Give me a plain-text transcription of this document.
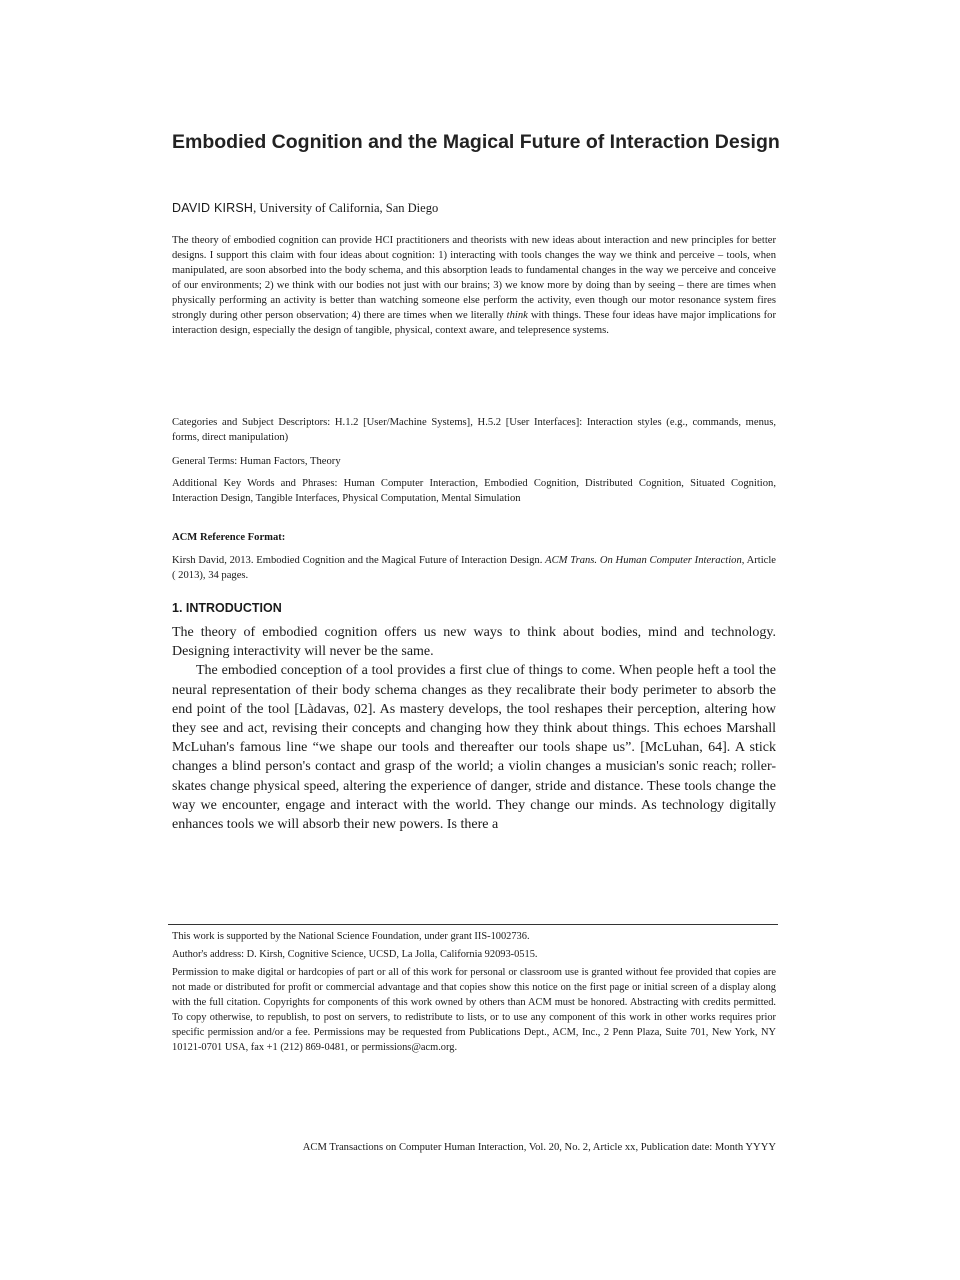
Embodied Cognition and the Magical Future of Interaction Design
DAVID KIRSH, University of California, San Diego
The theory of embodied cognition can provide HCI practitioners and theorists with new ideas about interaction and new principles for better designs. I support this claim with four ideas about cognition: 1) interacting with tools changes the way we think and perceive – tools, when manipulated, are soon absorbed into the body schema, and this absorption leads to fundamental changes in the way we perceive and conceive of our environments; 2) we think with our bodies not just with our brains; 3) we know more by doing than by seeing – there are times when physically performing an activity is better than watching someone else perform the activity, even though our motor resonance system fires strongly during other person observation; 4) there are times when we literally think with things. These four ideas have major implications for interaction design, especially the design of tangible, physical, context aware, and telepresence systems.
Categories and Subject Descriptors: H.1.2 [User/Machine Systems], H.5.2 [User Interfaces]: Interaction styles (e.g., commands, menus, forms, direct manipulation)
General Terms: Human Factors, Theory
Additional Key Words and Phrases: Human Computer Interaction, Embodied Cognition, Distributed Cognition, Situated Cognition, Interaction Design, Tangible Interfaces, Physical Computation, Mental Simulation
ACM Reference Format:
Kirsh David, 2013. Embodied Cognition and the Magical Future of Interaction Design. ACM Trans. On Human Computer Interaction, Article ( 2013), 34 pages.
1. INTRODUCTION

The theory of embodied cognition offers us new ways to think about bodies, mind and technology. Designing interactivity will never be the same.

The embodied conception of a tool provides a first clue of things to come. When people heft a tool the neural representation of their body schema changes as they recalibrate their body perimeter to absorb the end point of the tool [Làdavas, 02]. As mastery develops, the tool reshapes their perception, altering how they see and act, revising their concepts and changing how they think about things. This echoes Marshall McLuhan's famous line “we shape our tools and thereafter our tools shape us”. [McLuhan, 64]. A stick changes a blind person's contact and grasp of the world; a violin changes a musician's sonic reach; roller-skates change physical speed, altering the experience of danger, stride and distance. These tools change the way we encounter, engage and interact with the world. They change our minds. As technology digitally enhances tools we will absorb their new powers. Is there a

This work is supported by the National Science Foundation, under grant IIS-1002736.
Author's address: D. Kirsh, Cognitive Science, UCSD, La Jolla, California 92093-0515.
Permission to make digital or hardcopies of part or all of this work for personal or classroom use is granted without fee provided that copies are not made or distributed for profit or commercial advantage and that copies show this notice on the first page or initial screen of a display along with the full citation. Copyrights for components of this work owned by others than ACM must be honored. Abstracting with credits permitted. To copy otherwise, to republish, to post on servers, to redistribute to lists, or to use any component of this work in other works requires prior specific permission and/or a fee. Permissions may be requested from Publications Dept., ACM, Inc., 2 Penn Plaza, Suite 701, New York, NY 10121-0701 USA, fax +1 (212) 869-0481, or permissions@acm.org.
ACM Transactions on Computer Human Interaction, Vol. 20, No. 2, Article xx, Publication date: Month YYYY
